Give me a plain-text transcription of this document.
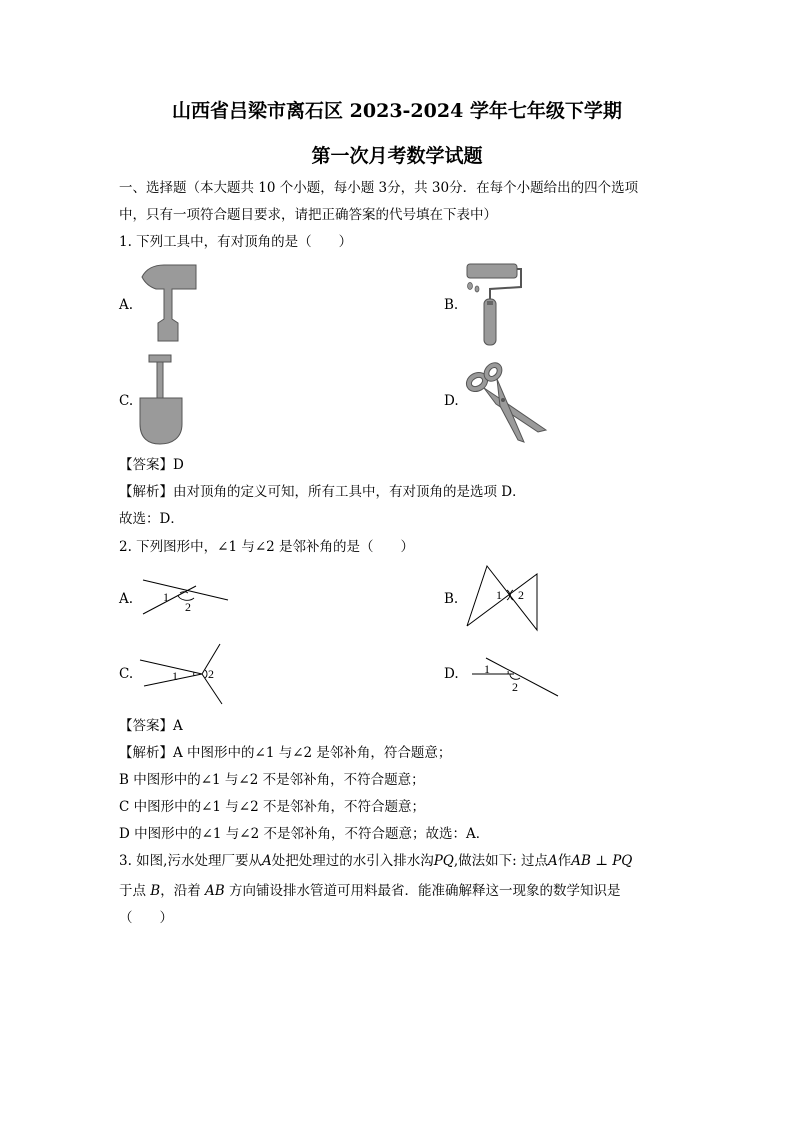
山西省吕梁市离石区 2023-2024 学年七年级下学期
第一次月考数学试题
一、选择题（本大题共 10 个小题，每小题 3分，共 30分．在每个小题给出的四个选项
中，只有一项符合题目要求，请把正确答案的代号填在下表中）
1. 下列工具中，有对顶角的是（　　）
A.	B.
C.	D.
【答案】D
【解析】由对顶角的定义可知，所有工具中，有对顶角的是选项 D．
故选：D．
2. 下列图形中，∠1 与∠2 是邻补角的是（　　）
A. 1
2	B.	1 2
C.	1	2	D. 1
2
【答案】A
【解析】A 中图形中的∠1 与∠2 是邻补角，符合题意；
B 中图形中的∠1 与∠2 不是邻补角，不符合题意；
C 中图形中的∠1 与∠2 不是邻补角，不符合题意；
D 中图形中的∠1 与∠2 不是邻补角，不符合题意；故选：A．
3. 如图,污水处理厂要从A处把处理过的水引入排水沟PQ,做法如下: 过点A作AB ⊥ PQ
于点 B，沿着 AB 方向铺设排水管道可用料最省．能准确解释这一现象的数学知识是
（　　）
